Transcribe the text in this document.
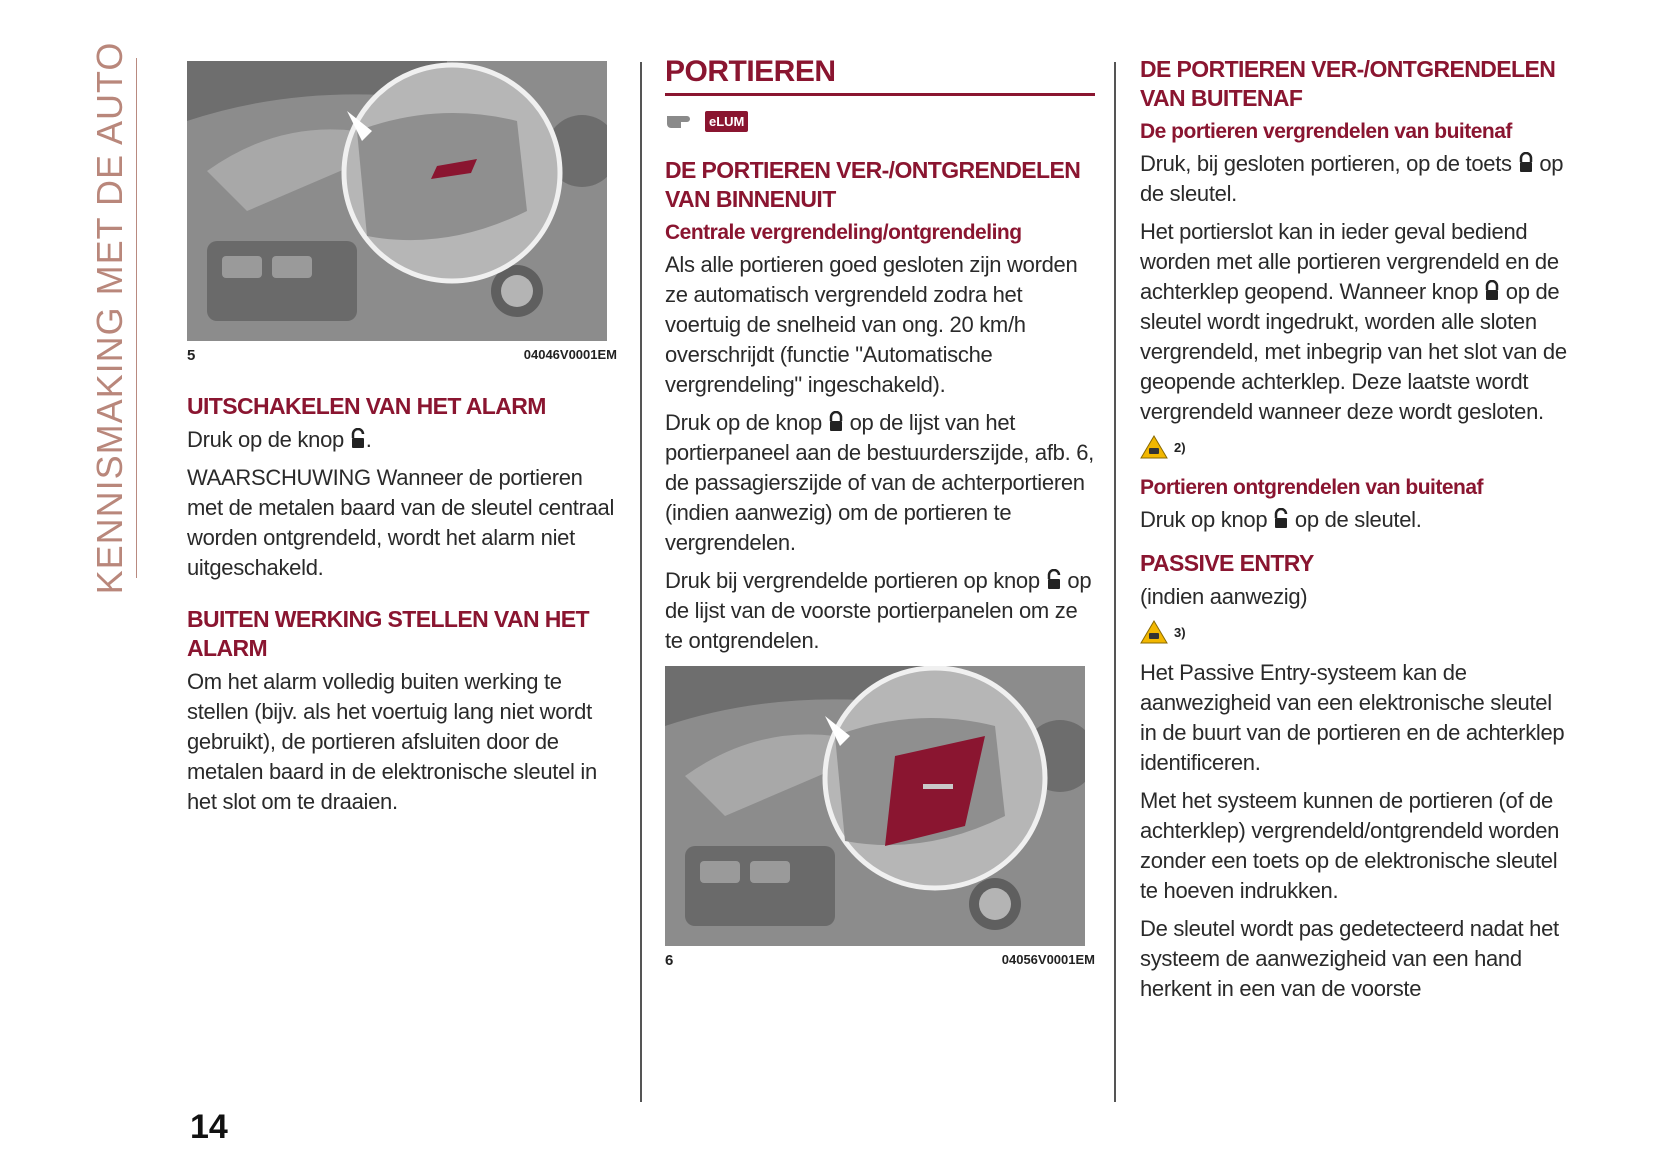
KENNISMAKING MET DE AUTO	5	04046V0001EM
UITSCHAKELEN VAN HET ALARM

Druk op de knop .

WAARSCHUWING Wanneer de portieren met de metalen baard van de sleutel centraal worden ontgrendeld, wordt het alarm niet uitgeschakeld.

BUITEN WERKING STELLEN VAN HET ALARM

Om het alarm volledig buiten werking te stellen (bijv. als het voertuig lang niet wordt gebruikt), de portieren afsluiten door de metalen baard in de elektronische sleutel in het slot om te draaien.

PORTIEREN
eLUM
DE PORTIEREN VER-/ONTGRENDELEN VAN BINNENUIT
Centrale vergrendeling/ontgrendeling

Als alle portieren goed gesloten zijn worden ze automatisch vergrendeld zodra het voertuig de snelheid van ong. 20 km/h overschrijdt (functie "Automatische vergrendeling" ingeschakeld).

Druk op de knop op de lijst van het portierpaneel aan de bestuurderszijde, afb. 6, de passagierszijde of van de achterportieren (indien aanwezig) om de portieren te vergrendelen.

Druk bij vergrendelde portieren op knop op de lijst van de voorste portierpanelen om ze te ontgrendelen.

6	04056V0001EM
DE PORTIEREN VER-/ONTGRENDELEN VAN BUITENAF
De portieren vergrendelen van buitenaf

Druk, bij gesloten portieren, op de toets op de sleutel.

Het portierslot kan in ieder geval bediend worden met alle portieren vergrendeld en de achterklep geopend. Wanneer knop op de sleutel wordt ingedrukt, worden alle sloten vergrendeld, met inbegrip van het slot van de geopende achterklep. Deze laatste wordt vergrendeld wanneer deze wordt gesloten.

2)
Portieren ontgrendelen van buitenaf

Druk op knop op de sleutel.

PASSIVE ENTRY

(indien aanwezig)

3)

Het Passive Entry-systeem kan de aanwezigheid van een elektronische sleutel in de buurt van de portieren en de achterklep identificeren.

Met het systeem kunnen de portieren (of de achterklep) vergrendeld/ontgrendeld worden zonder een toets op de elektronische sleutel te hoeven indrukken.

De sleutel wordt pas gedetecteerd nadat het systeem de aanwezigheid van een hand herkent in een van de voorste

14
